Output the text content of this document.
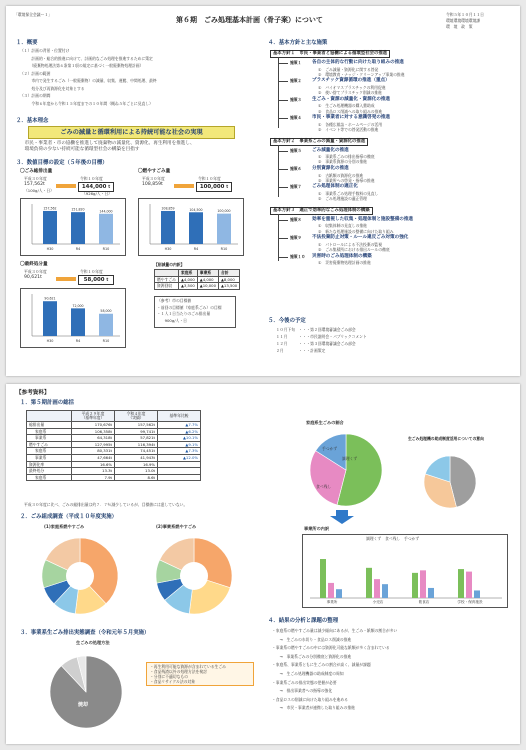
「環境保全会議ー１」
第６期　ごみ処理基本計画（骨子案）について
令和５年１０月１１日
環境環境環境環境課
環　境　政　策
１．概要
２．基本理念
ごみの減量と循環利用による持続可能な社会の実現
　市民・事業者・市の協働を推進して廃棄物の減量化、資源化、再生利用を推進し、
　環境負荷の少ない持続可能な循環型社会の構築を目指す
３．数値目標の設定（５年後の目標）
〇ごみ総排出量
平成３０年度
157,562t
令和１０年度
144,000 t
（926g/人・日）
（100g/人・日）
157,562
H30
151,820
R4
144,000
R10
〇燃やすごみ量
平成３０年度
108,859t
令和１０年度
100,000 t
108,859
H30
104,500
R4
100,000
R10
〇最終処分量
平成３０年度
90,621t
令和１０年度
58,000 t
90,621
H30
72,000
R4
58,000
R10
【削減量の内訳】
	家庭系	事業系	合計
燃やすごみ	▲4,000	▲4,000	▲8,000
資源回収	▲3,500	▲10,000	▲13,500
４．基本方針と主な施策
５．今後の予定
（１）計画の背景・位置付け
　　　計画的・総合的推進に向けて、計画的なごみ処理を推進するために策定
　　　（廃棄物処理法第６条第１項の規定に基づく一般廃棄物処理計画）
（２）計画の範囲
　　　市内で発生するごみ（一般廃棄物）の減量、収集、運搬、中間処理、最終
　　　処分及び再資源化を対象とする
（３）計画の期間
　　　令和６年度から令和１５年度までの１０年間（概ね５年ごとに見直し）
（参考）市の目標値
・前回の目標値（家庭系ごみ）の目標
・１人１日当たりのごみ排出量
　　900g/人・日
基本方針１　市民・事業者と協働による循環型社会の推進
施策１ 各自の主体的な行動に向けた取り組みの推進
①　ごみ減量・資源化に関する啓発
②　環境教育・ナッジ・クリーンアップ事業の推進
施策２ プラスチック資源循環の推進（重点）
①　バイオマスプラスチックの利用促進
②　使い捨てプラスチック削減の推進
施策３ 生ごみ・資源の減量化・資源化の推進
①　生ごみ処理機器の購入費助成
②　食品ロス削減への取り組みの推進
施策４ 市民・事業者に対する意識啓発の推進
①　各種広報誌・ホームページの活用
②　イベント等での啓発活動の推進
基本方針２　事業系ごみの減量・資源化の推進
施策５ ごみ減量化の推進
①　事業系ごみの排出指導の徹底
②　事業系資源の分別の推進
施策６ 分別資源化の推進
①　古紙類の資源化の推進
②　事業所への啓発・指導の推進
施策７ ごみ処理体制の適正化
①　事業系ごみ処理手数料の見直し
②　ごみ処理施設の適正管理
基本方針３　適正で効率的なごみ処理体制の構築
施策８ 効率を重視した収集・処理体制と施設整備の推進
①　収集体制の見直しの推進
②　新たな処理施設の整備に向けた取り組み
施策９ 不法投棄防止対策・ルール違反ごみ対策の強化
①　パトロールによる不法投棄の監視
②　ごみ集積所における排出ルールの徹底
施策１０ 災害時のごみ処理体制の構築
①　災害廃棄物処理計画の推進
１０月下旬　・・・第２回環境審議会ごみ部会
１１月　　　・・・市民説明会・パブリックコメント
１２月　　　・・・第３回環境審議会ごみ部会
２月　　　　・・・計画策定
【参考資料】
１．第５期計画の総括
	平成２９年度
（基準年度）	令和４年度
（実績）	基準年比較
総排出量	170,676t	157,562t	▲7.7%
家庭系	106,358t	99,741t	▲6.2%
事業系	64,318t	57,821t	▲10.1%
燃やすごみ	127,995t	116,394t	▲9.1%
家庭系	80,331t	74,451t	▲7.3%
事業系	47,664t	41,943t	▲12.0%
資源化率	16.6%	16.9%	
最終処分	13.3t	13.0t	
家庭系	7.9t	8.6t	
平成３０年度に比べ、ごみの総排出量は約７．７％減少しているが、目標値には達していない。
２．ごみ組成調査（平成１０年度実施）
(1)家庭系燃やすごみ	(2)事業系燃やすごみ
３．事業系生ごみ排出実態調査（令和元年５月実施）
生ごみの処理方法
焼却
・再生利用可能な資源が含まれている生ごみ
・食品残渣以外の処理方法を検討
・分別に不適切なもの
・食品リサイクル法の対象
家庭系生ごみの割合
調理くず
食べ残し
手つかず
生ごみ処理機の助成制度活用についての意向
事業所の内訳
調理くず　食べ残し　手つかず
事業所	小売店	飲食店	学校・保育施設
４．結果の分析と課題の整理
・家庭系の燃やすごみ量は減少傾向にあるが、生ごみ・紙類の割合が多い
　　→　生ごみの水切り・食品ロス削減の推進
・事業系の燃やすごみの中には資源化可能な紙類が多く含まれている
　　→　事業系ごみの分別徹底と資源化の推進
・家庭系、事業系ともに生ごみの割合が高く、減量が課題
　　→　生ごみ処理機器の助成制度の周知
・事業系ごみの排出実態の把握が必要
　　→　排出事業者への指導の強化
・食品ロスの削減に向けた取り組みを進める
　　→　市民・事業者が連携した取り組みの推進
